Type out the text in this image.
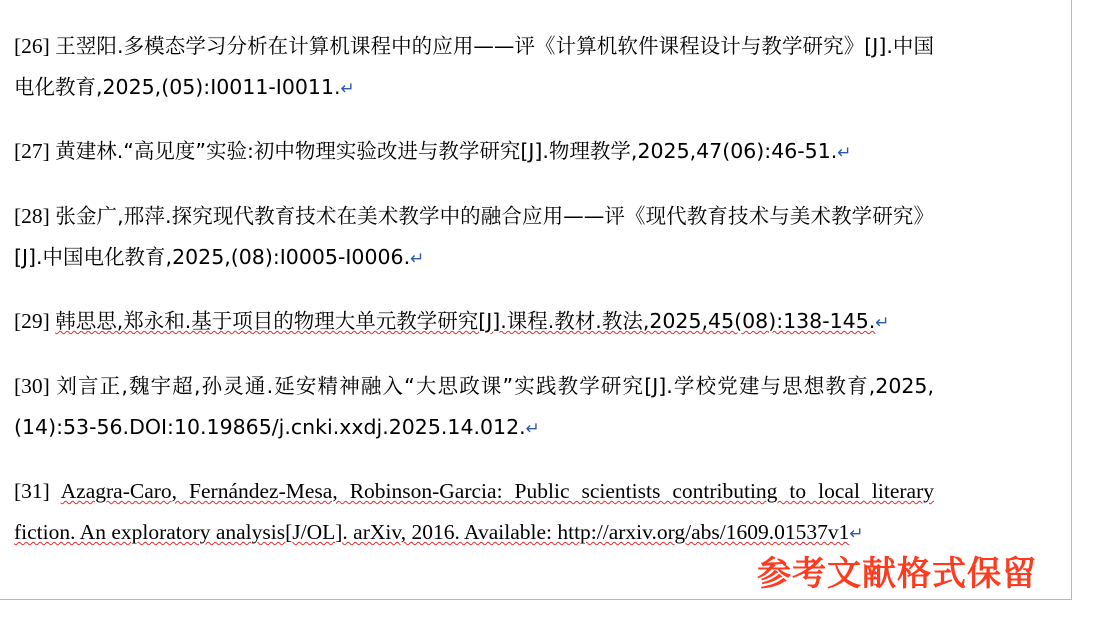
[26] 王翌阳.多模态学习分析在计算机课程中的应用——评《计算机软件课程设计与教学研究》[J].中国电化教育,2025,(05):I0011-I0011.↵

[27] 黄建林.“高见度”实验:初中物理实验改进与教学研究[J].物理教学,2025,47(06):46-51.↵

[28] 张金广,邢萍.探究现代教育技术在美术教学中的融合应用——评《现代教育技术与美术教学研究》[J].中国电化教育,2025,(08):I0005-I0006.↵

[29] 韩思思,郑永和.基于项目的物理大单元教学研究[J].课程.教材.教法,2025,45(08):138-145.↵

[30] 刘言正,魏宇超,孙灵通.延安精神融入“大思政课”实践教学研究[J].学校党建与思想教育,2025,(14):53-56.DOI:10.19865/j.cnki.xxdj.2025.14.012.↵

[31] Azagra-Caro, Fernández-Mesa, Robinson-Garcia: Public scientists contributing to local literary fiction. An exploratory analysis[J/OL]. arXiv, 2016. Available: http://arxiv.org/abs/1609.01537v1↵

参考文献格式保留
